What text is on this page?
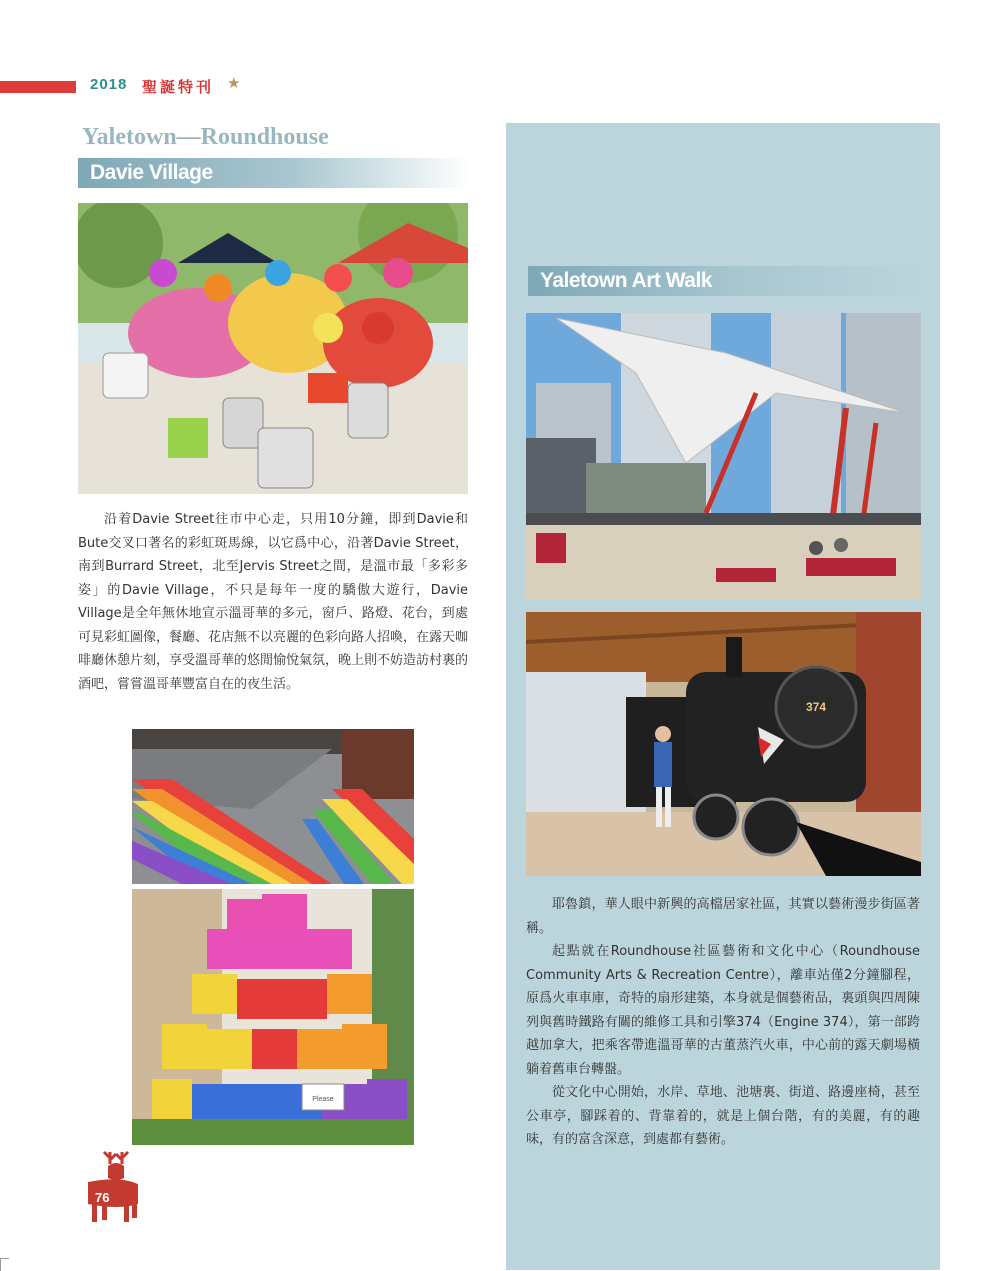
2018 聖誕特刊 ★
Yaletown—Roundhouse
Davie Village
Yaletown Art Walk

沿着Davie Street往市中心走，只用10分鐘，即到Davie和Bute交叉口著名的彩虹斑馬線，以它爲中心，沿著Davie Street，南到Burrard Street，北至Jervis Street之間，是溫市最「多彩多姿」的Davie Village，不只是每年一度的驕傲大遊行，Davie Village是全年無休地宣示溫哥華的多元，窗戶、路燈、花台，到處可見彩虹圖像，餐廳、花店無不以亮麗的色彩向路人招喚，在露天咖啡廳休憩片刻，享受溫哥華的悠閒愉悅氣氛，晚上則不妨造訪村裏的酒吧，嘗嘗溫哥華豐富自在的夜生活。

Please
374

耶魯鎮，華人眼中新興的高檔居家社區，其實以藝術漫步街區著稱。

起點就在Roundhouse社區藝術和文化中心（Roundhouse Community Arts & Recreation Centre），離車站僅2分鐘腳程，原爲火車車庫，奇特的扇形建築，本身就是個藝術品，裏頭與四周陳列與舊時鐵路有關的維修工具和引擎374（Engine 374），第一部跨越加拿大，把乘客帶進溫哥華的古董蒸汽火車，中心前的露天劇場橫躺着舊車台轉盤。

從文化中心開始，水岸、草地、池塘裏、街道、路邊座椅，甚至公車亭，腳踩着的、背靠着的，就是上個台階，有的美麗，有的趣味，有的富含深意，到處都有藝術。

76
